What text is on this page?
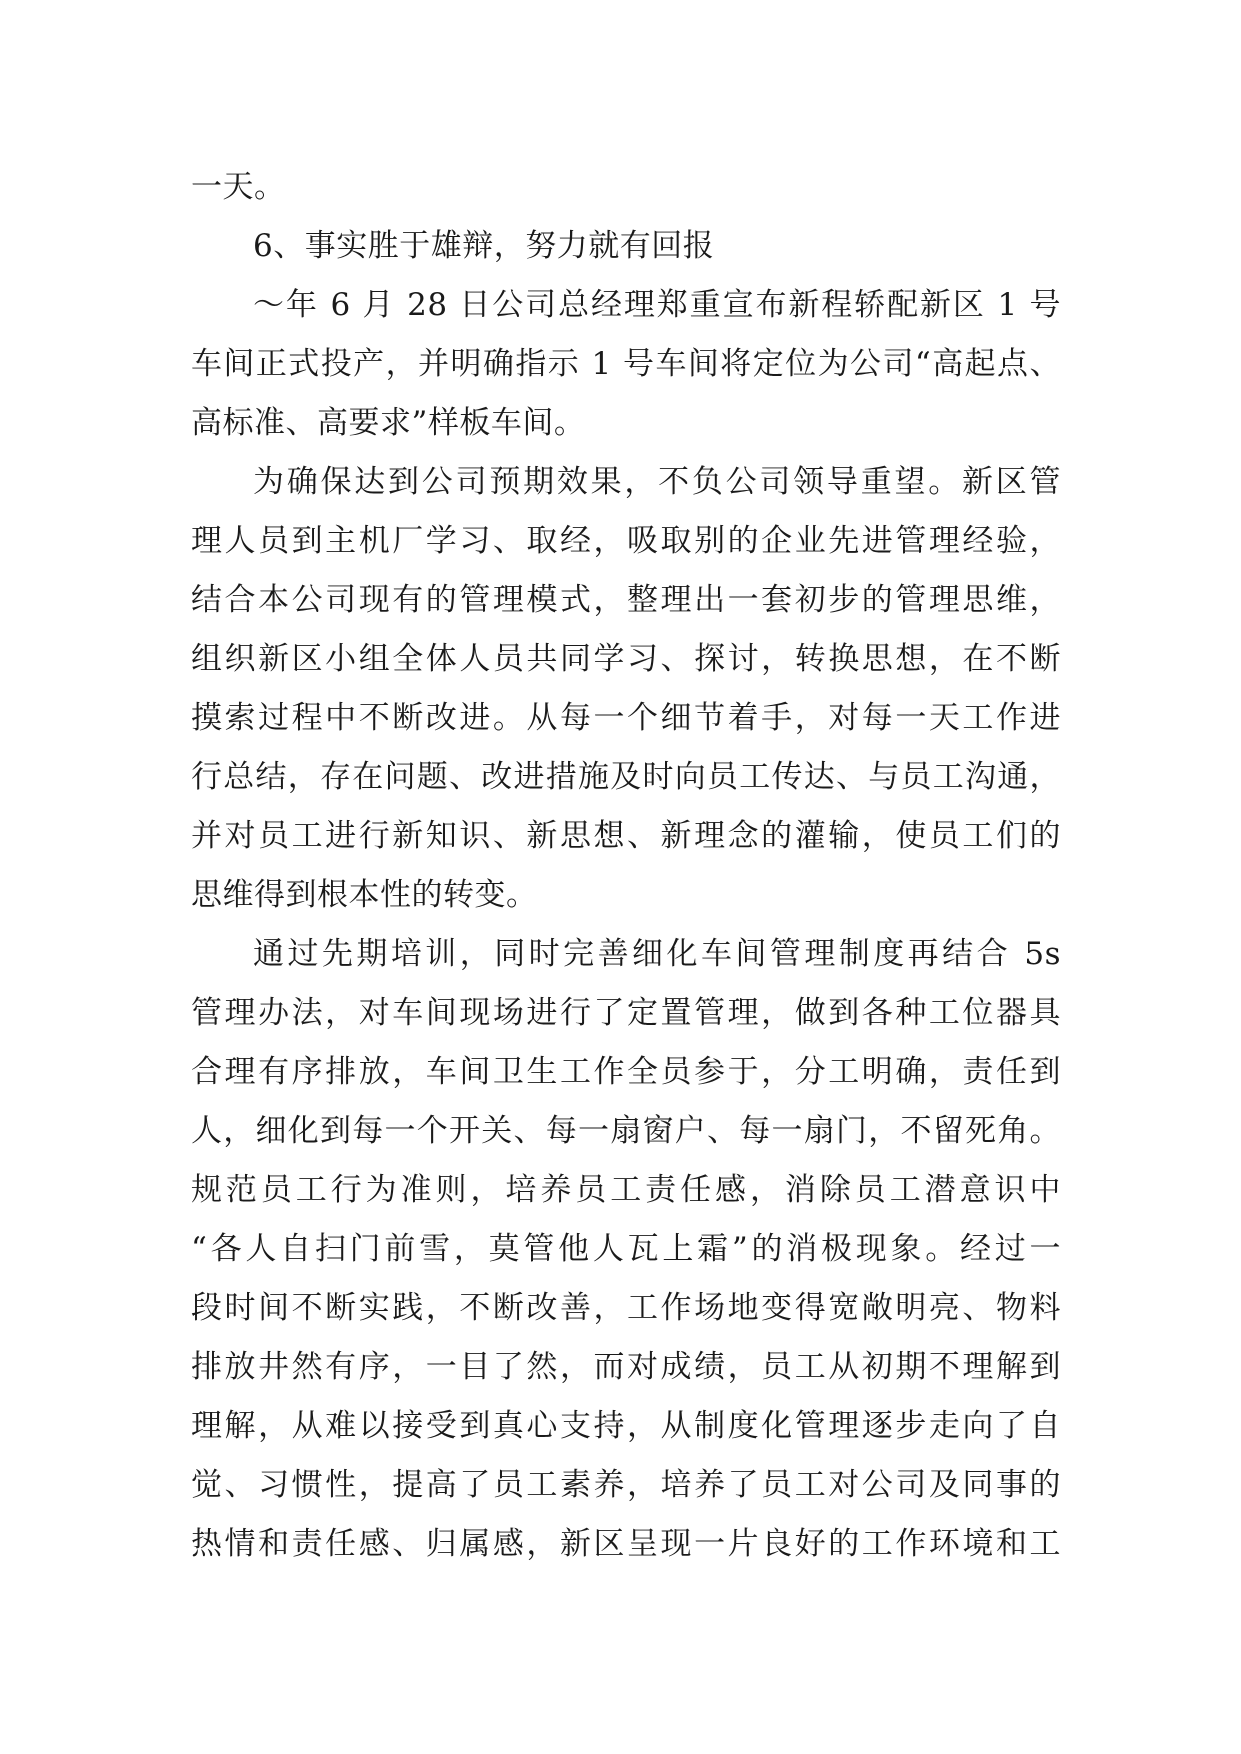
一天。
6、事实胜于雄辩，努力就有回报
～年 6 月 28 日公司总经理郑重宣布新程轿配新区 1 号
车间正式投产，并明确指示 1 号车间将定位为公司“高起点、
高标准、高要求”样板车间。
为确保达到公司预期效果，不负公司领导重望。新区管
理人员到主机厂学习、取经，吸取别的企业先进管理经验，
结合本公司现有的管理模式，整理出一套初步的管理思维，
组织新区小组全体人员共同学习、探讨，转换思想，在不断
摸索过程中不断改进。从每一个细节着手，对每一天工作进
行总结，存在问题、改进措施及时向员工传达、与员工沟通，
并对员工进行新知识、新思想、新理念的灌输，使员工们的
思维得到根本性的转变。
通过先期培训，同时完善细化车间管理制度再结合 5s
管理办法，对车间现场进行了定置管理，做到各种工位器具
合理有序排放，车间卫生工作全员参于，分工明确，责任到
人，细化到每一个开关、每一扇窗户、每一扇门，不留死角。
规范员工行为准则，培养员工责任感，消除员工潜意识中
“各人自扫门前雪，莫管他人瓦上霜”的消极现象。经过一
段时间不断实践，不断改善，工作场地变得宽敞明亮、物料
排放井然有序，一目了然，而对成绩，员工从初期不理解到
理解，从难以接受到真心支持，从制度化管理逐步走向了自
觉、习惯性，提高了员工素养，培养了员工对公司及同事的
热情和责任感、归属感，新区呈现一片良好的工作环境和工
